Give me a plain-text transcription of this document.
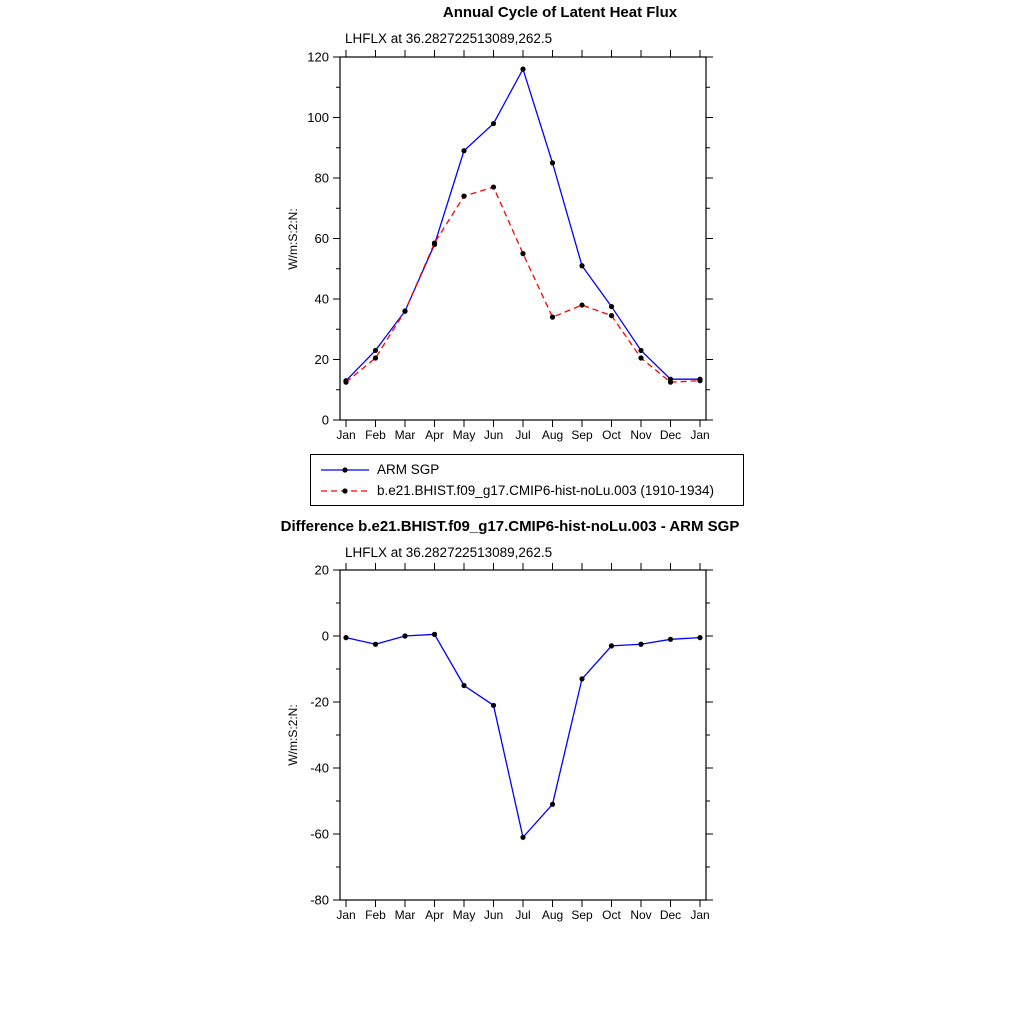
Annual Cycle of Latent Heat Flux
LHFLX at 36.282722513089,262.5
W/m:S:2:N:
0
20
40
60
80
100
120
Jan Feb Mar Apr May Jun Jul Aug Sep Oct Nov Dec Jan
ARM SGP
b.e21.BHIST.f09_g17.CMIP6-hist-noLu.003 (1910-1934)
Difference b.e21.BHIST.f09_g17.CMIP6-hist-noLu.003 - ARM SGP
LHFLX at 36.282722513089,262.5
W/m:S:2:N:
-80
-60
-40
-20
0
20
Jan Feb Mar Apr May Jun Jul Aug Sep Oct Nov Dec Jan
